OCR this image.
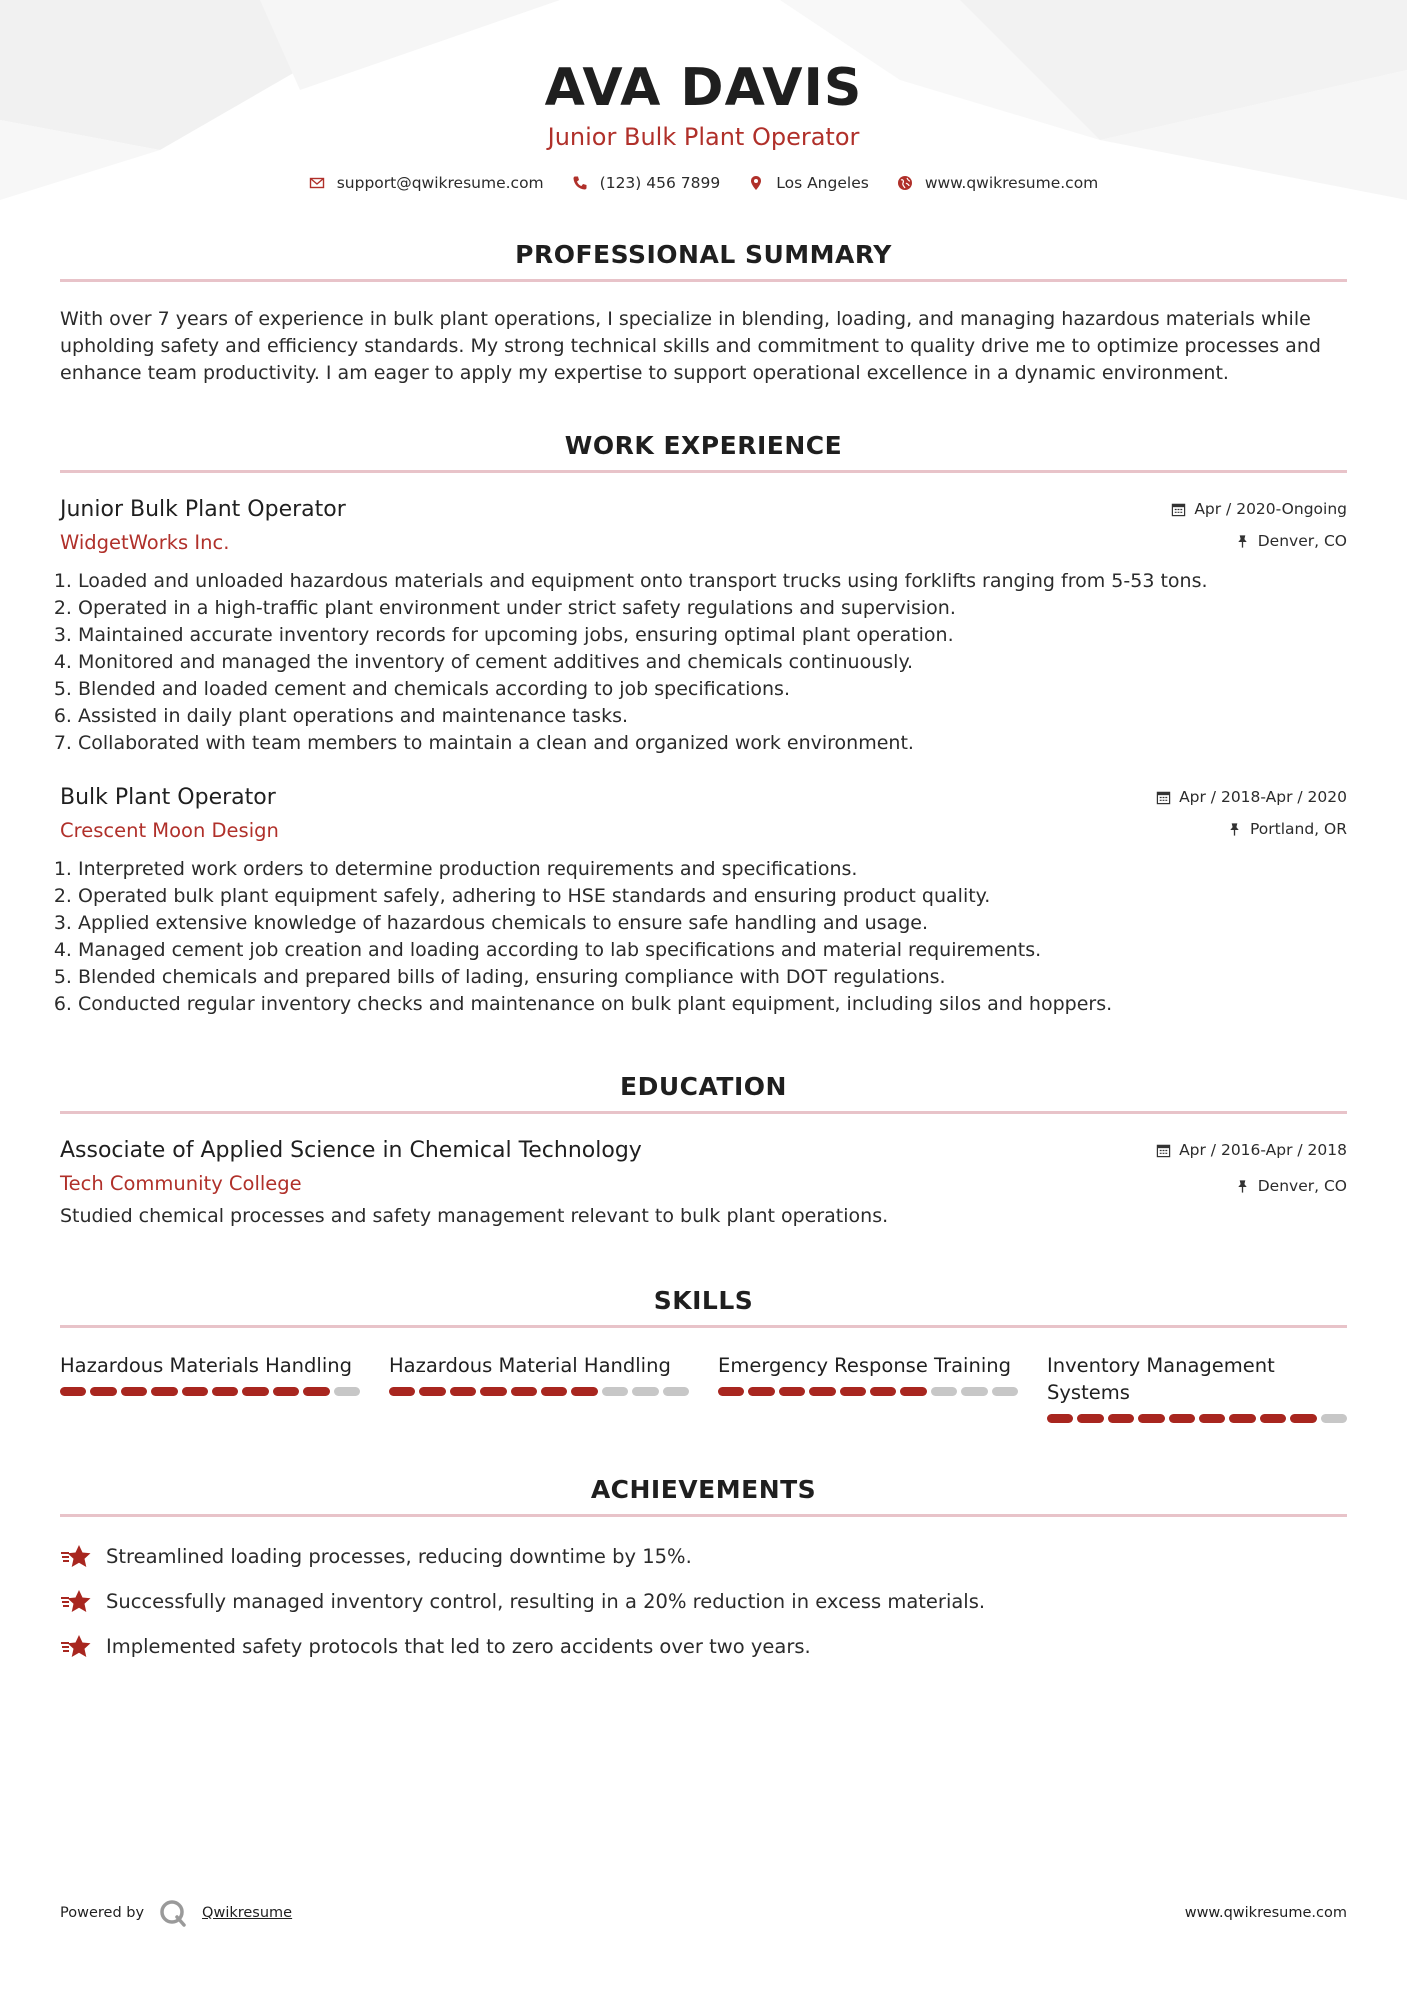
AVA DAVIS
Junior Bulk Plant Operator
support@qwikresume.com	(123) 456 7899	Los Angeles	www.qwikresume.com
PROFESSIONAL SUMMARY

With over 7 years of experience in bulk plant operations, I specialize in blending, loading, and managing hazardous materials while upholding safety and efficiency standards. My strong technical skills and commitment to quality drive me to optimize processes and enhance team productivity. I am eager to apply my expertise to support operational excellence in a dynamic environment.

WORK EXPERIENCE
Junior Bulk Plant Operator
WidgetWorks Inc.
Apr / 2020-Ongoing
Denver, CO
1. Loaded and unloaded hazardous materials and equipment onto transport trucks using forklifts ranging from 5-53 tons.
2. Operated in a high-traffic plant environment under strict safety regulations and supervision.
3. Maintained accurate inventory records for upcoming jobs, ensuring optimal plant operation.
4. Monitored and managed the inventory of cement additives and chemicals continuously.
5. Blended and loaded cement and chemicals according to job specifications.
6. Assisted in daily plant operations and maintenance tasks.
7. Collaborated with team members to maintain a clean and organized work environment.
Bulk Plant Operator
Crescent Moon Design
Apr / 2018-Apr / 2020
Portland, OR
1. Interpreted work orders to determine production requirements and specifications.
2. Operated bulk plant equipment safely, adhering to HSE standards and ensuring product quality.
3. Applied extensive knowledge of hazardous chemicals to ensure safe handling and usage.
4. Managed cement job creation and loading according to lab specifications and material requirements.
5. Blended chemicals and prepared bills of lading, ensuring compliance with DOT regulations.
6. Conducted regular inventory checks and maintenance on bulk plant equipment, including silos and hoppers.
EDUCATION
Associate of Applied Science in Chemical Technology
Tech Community College
Apr / 2016-Apr / 2018
Denver, CO

Studied chemical processes and safety management relevant to bulk plant operations.

SKILLS
Hazardous Materials Handling	Hazardous Material Handling	Emergency Response Training	Inventory Management Systems
ACHIEVEMENTS
Streamlined loading processes, reducing downtime by 15%.
Successfully managed inventory control, resulting in a 20% reduction in excess materials.
Implemented safety protocols that led to zero accidents over two years.
Powered by	Qwikresume	www.qwikresume.com
